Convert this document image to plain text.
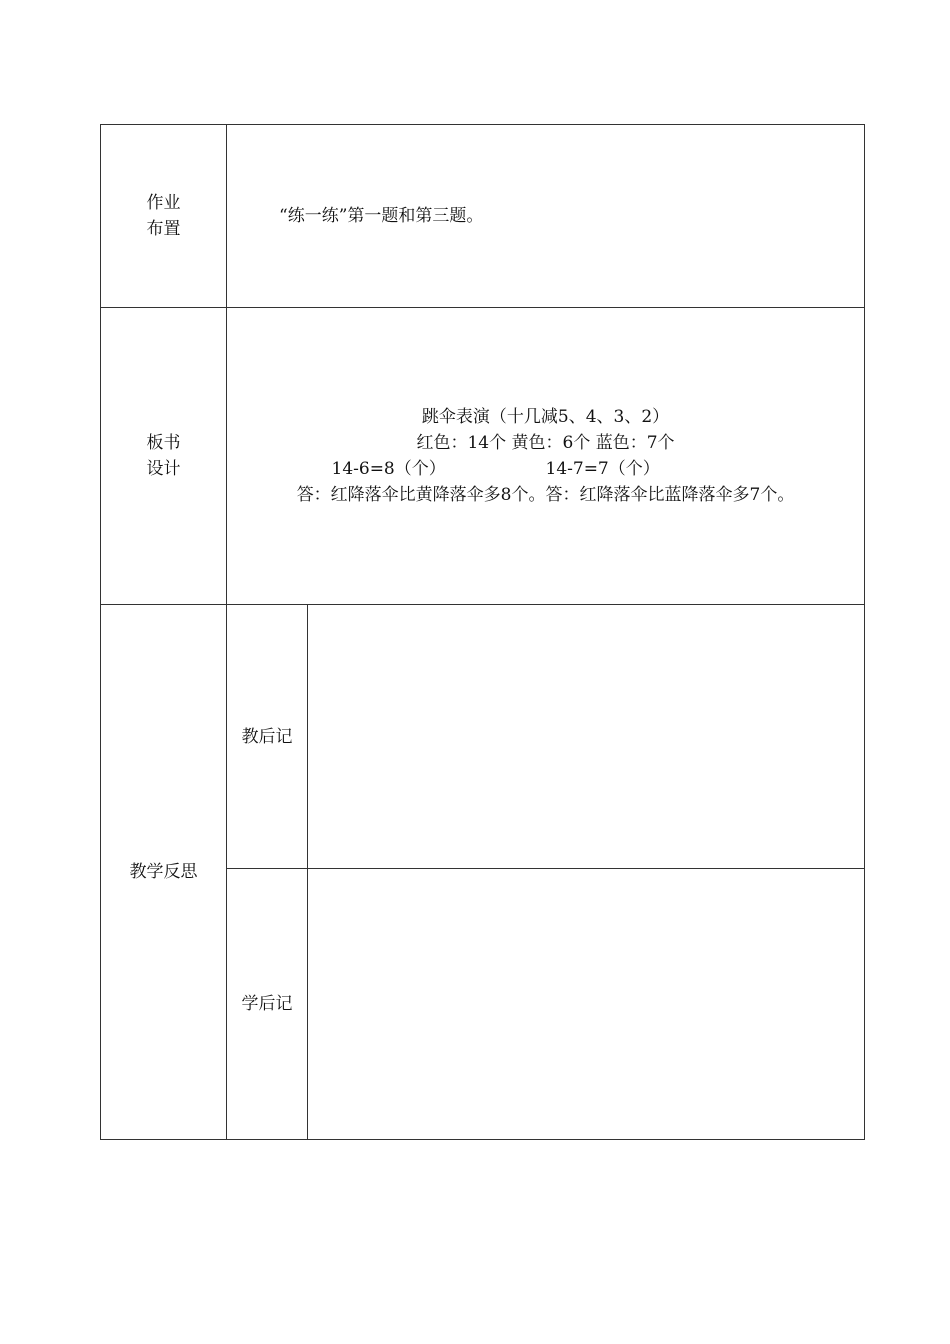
作业
布置	“练一练”第一题和第三题。	

板书
设计	跳伞表演（十几减5、4、3、2）
红色：14个 黄色：6个 蓝色：7个
14-6=8（个） 14-7=7（个）
答：红降落伞比黄降落伞多8个。答：红降落伞比蓝降落伞多7个。	

教学反思	教后记	
	学后记	
